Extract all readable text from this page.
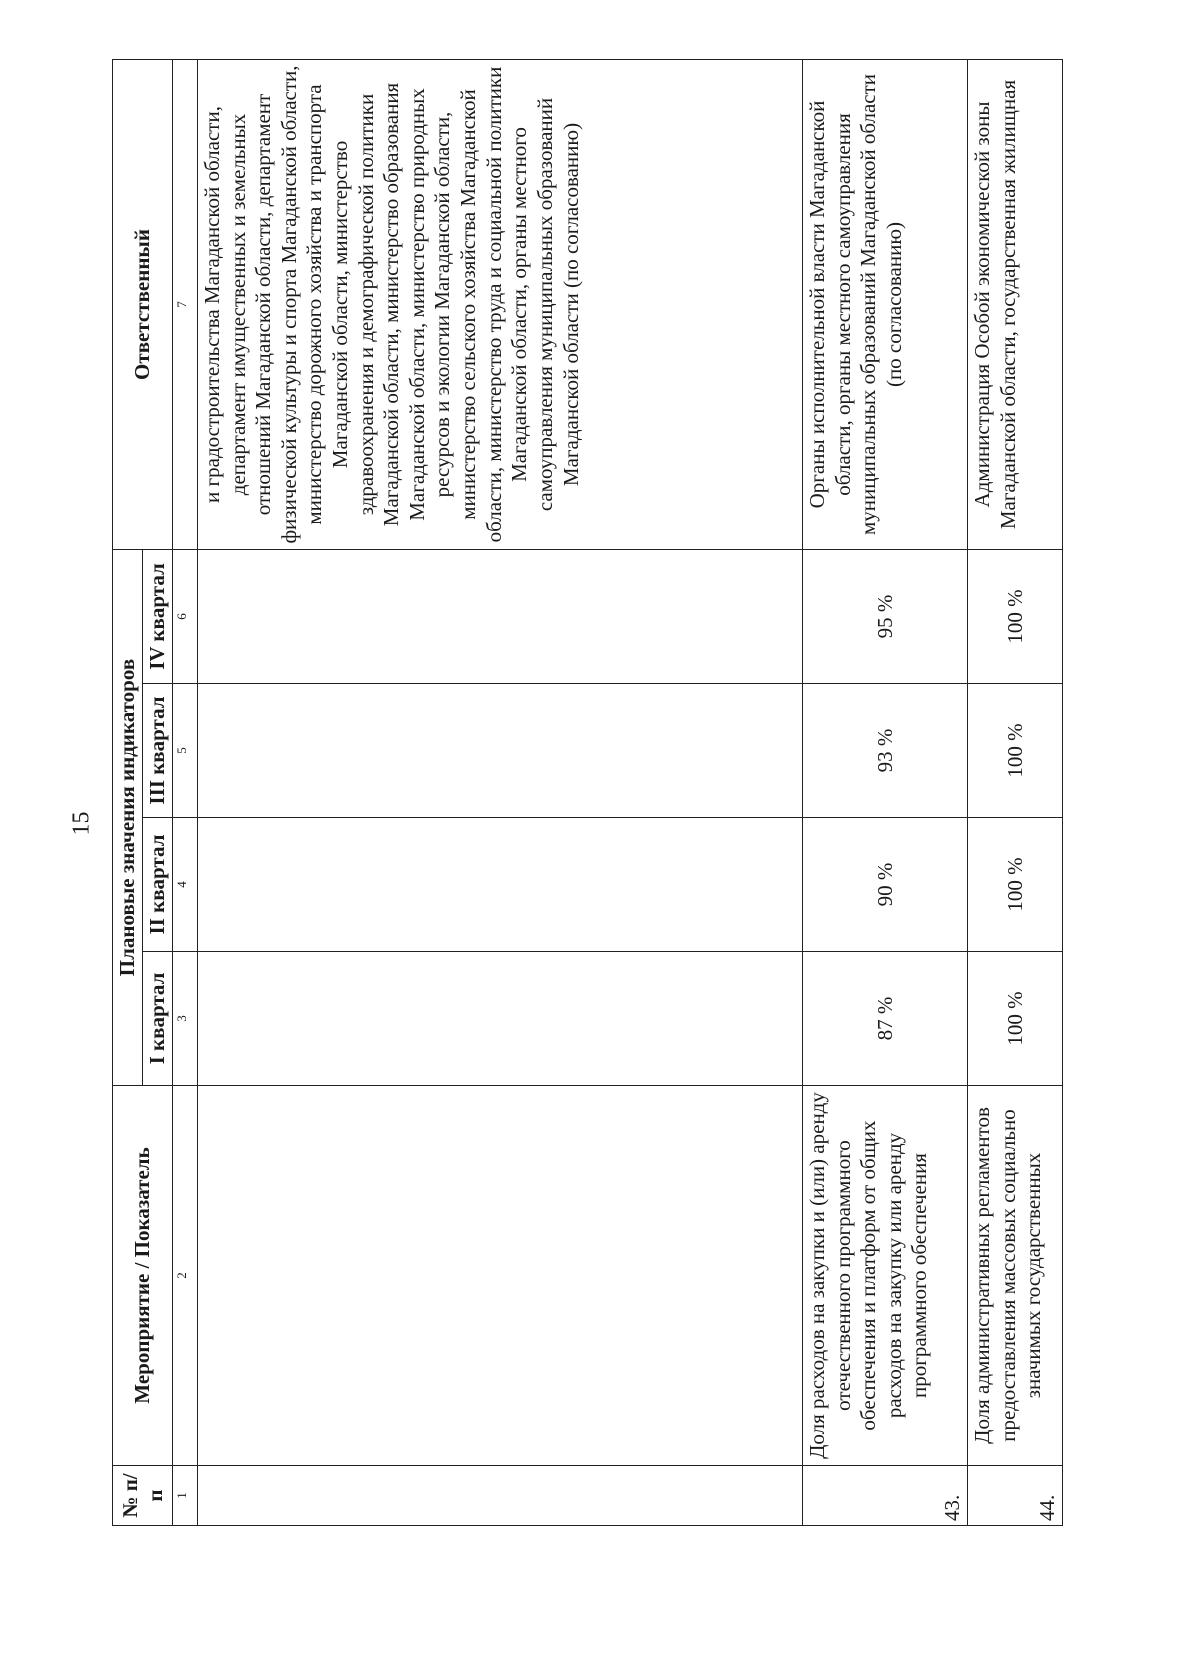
15
№ п/п	Мероприятие / Показатель	Плановые значения индикаторов				Ответственный
		I квартал	II квартал	III квартал	IV квартал	
1	2	3	4	5	6	7
						и градостроительства Магаданской области, департамент имущественных и земельных отношений Магаданской области, департамент физической культуры и спорта Магаданской области, министерство дорожного хозяйства и транспорта Магаданской области, министерство здравоохранения и демографической политики Магаданской области, министерство образования Магаданской области, министерство природных ресурсов и экологии Магаданской области, министерство сельского хозяйства Магаданской области, министерство труда и социальной политики Магаданской области, органы местного самоуправления муниципальных образований Магаданской области (по согласованию)
43.	Доля расходов на закупки и (или) аренду отечественного программного обеспечения и платформ от общих расходов на закупку или аренду программного обеспечения	87 %	90 %	93 %	95 %	Органы исполнительной власти Магаданской области, органы местного самоуправления муниципальных образований Магаданской области (по согласованию)
44.	Доля административных регламентов предоставления массовых социально значимых государственных	100 %	100 %	100 %	100 %	Администрация Особой экономической зоны Магаданской области, государственная жилищная
